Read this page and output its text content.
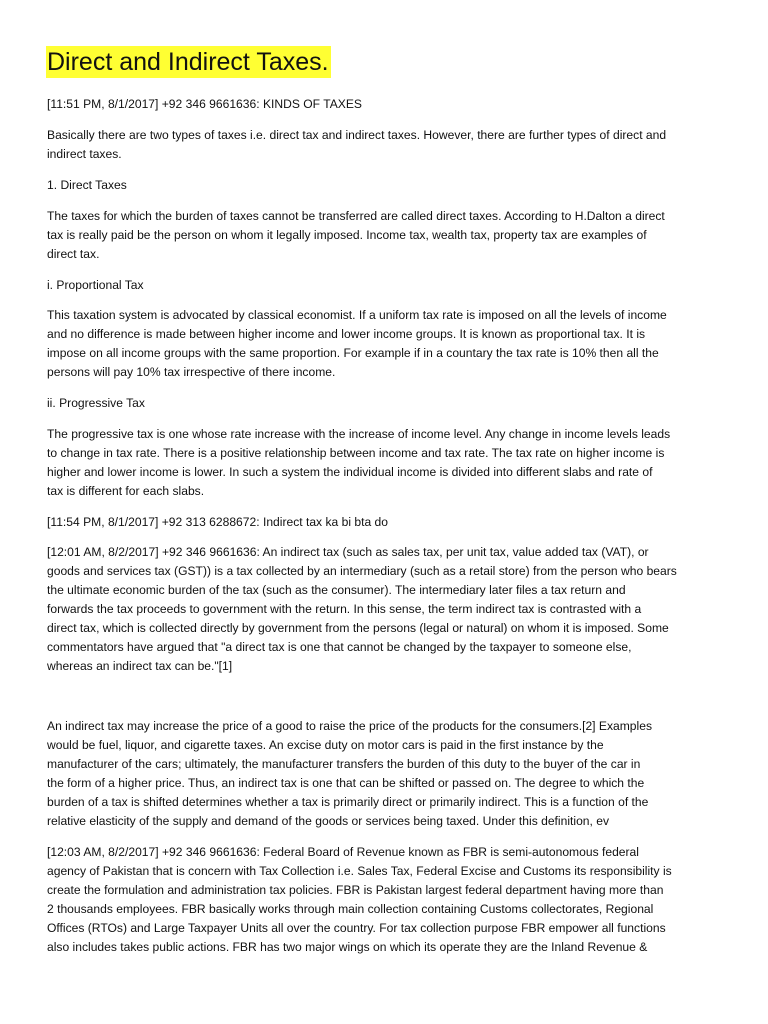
Direct and Indirect Taxes.
[11:51 PM, 8/1/2017] +92 346 9661636: KINDS OF TAXES
Basically there are two types of taxes i.e. direct tax and indirect taxes. However, there are further types of direct and
indirect taxes.
1. Direct Taxes
The taxes for which the burden of taxes cannot be transferred are called direct taxes. According to H.Dalton a direct
tax is really paid be the person on whom it legally imposed. Income tax, wealth tax, property tax are examples of
direct tax.
i. Proportional Tax
This taxation system is advocated by classical economist. If a uniform tax rate is imposed on all the levels of income
and no difference is made between higher income and lower income groups. It is known as proportional tax. It is
impose on all income groups with the same proportion. For example if in a countary the tax rate is 10% then all the
persons will pay 10% tax irrespective of there income.
ii. Progressive Tax
The progressive tax is one whose rate increase with the increase of income level. Any change in income levels leads
to change in tax rate. There is a positive relationship between income and tax rate. The tax rate on higher income is
higher and lower income is lower. In such a system the individual income is divided into different slabs and rate of
tax is different for each slabs.
[11:54 PM, 8/1/2017] +92 313 6288672: Indirect tax ka bi bta do
[12:01 AM, 8/2/2017] +92 346 9661636: An indirect tax (such as sales tax, per unit tax, value added tax (VAT), or
goods and services tax (GST)) is a tax collected by an intermediary (such as a retail store) from the person who bears
the ultimate economic burden of the tax (such as the consumer). The intermediary later files a tax return and
forwards the tax proceeds to government with the return. In this sense, the term indirect tax is contrasted with a
direct tax, which is collected directly by government from the persons (legal or natural) on whom it is imposed. Some
commentators have argued that "a direct tax is one that cannot be changed by the taxpayer to someone else,
whereas an indirect tax can be."[1]
An indirect tax may increase the price of a good to raise the price of the products for the consumers.[2] Examples
would be fuel, liquor, and cigarette taxes. An excise duty on motor cars is paid in the first instance by the
manufacturer of the cars; ultimately, the manufacturer transfers the burden of this duty to the buyer of the car in
the form of a higher price. Thus, an indirect tax is one that can be shifted or passed on. The degree to which the
burden of a tax is shifted determines whether a tax is primarily direct or primarily indirect. This is a function of the
relative elasticity of the supply and demand of the goods or services being taxed. Under this definition, ev
[12:03 AM, 8/2/2017] +92 346 9661636: Federal Board of Revenue known as FBR is semi-autonomous federal
agency of Pakistan that is concern with Tax Collection i.e. Sales Tax, Federal Excise and Customs its responsibility is
create the formulation and administration tax policies. FBR is Pakistan largest federal department having more than
2 thousands employees. FBR basically works through main collection containing Customs collectorates, Regional
Offices (RTOs) and Large Taxpayer Units all over the country. For tax collection purpose FBR empower all functions
also includes takes public actions. FBR has two major wings on which its operate they are the Inland Revenue &
